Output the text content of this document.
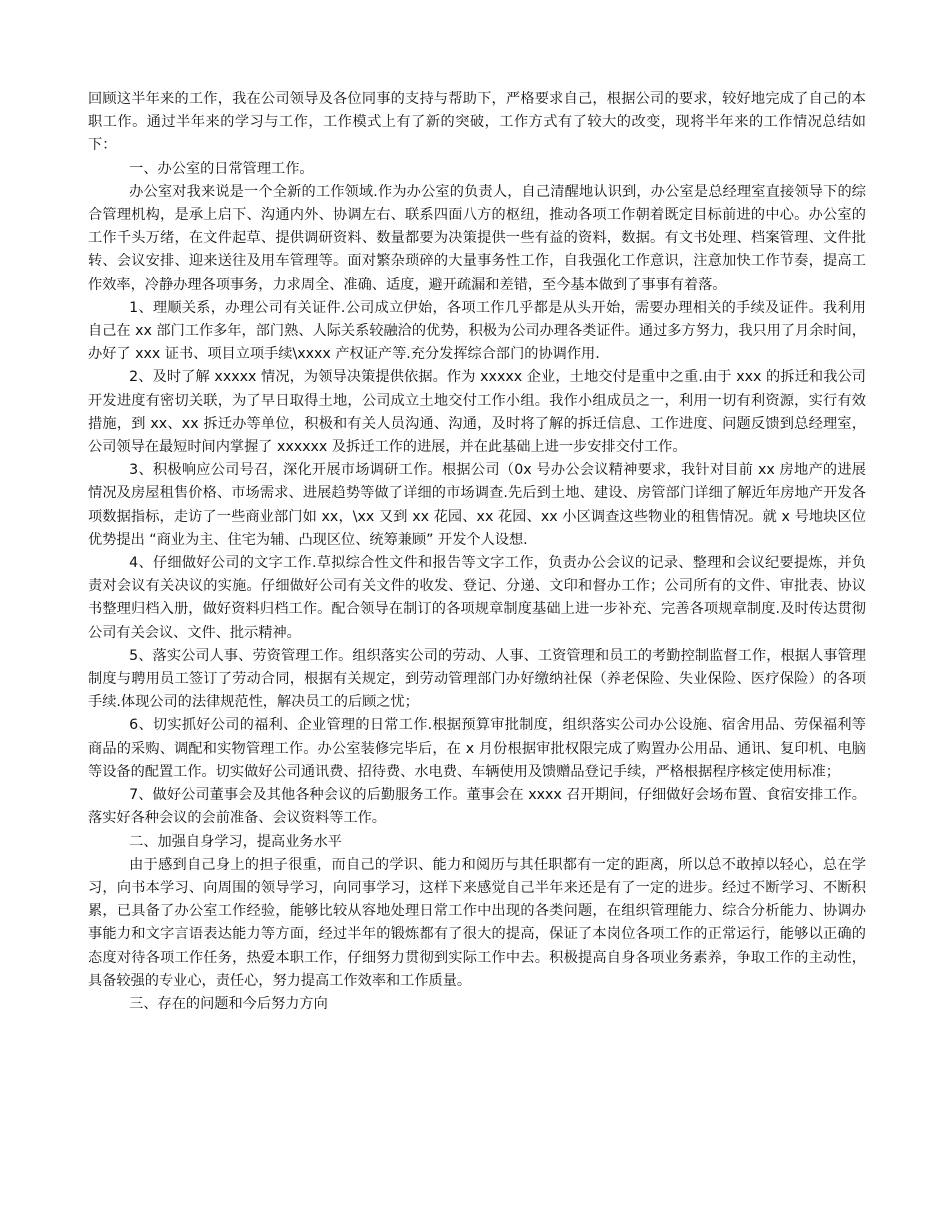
回顾这半年来的工作，我在公司领导及各位同事的支持与帮助下，严格要求自己，根据公司的要求，较好地完成了自己的本职工作。通过半年来的学习与工作，工作模式上有了新的突破，工作方式有了较大的改变，现将半年来的工作情况总结如下：

一、办公室的日常管理工作。

办公室对我来说是一个全新的工作领域.作为办公室的负责人，自己清醒地认识到，办公室是总经理室直接领导下的综合管理机构，是承上启下、沟通内外、协调左右、联系四面八方的枢纽，推动各项工作朝着既定目标前进的中心。办公室的工作千头万绪，在文件起草、提供调研资料、数量都要为决策提供一些有益的资料，数据。有文书处理、档案管理、文件批转、会议安排、迎来送往及用车管理等。面对繁杂琐碎的大量事务性工作，自我强化工作意识，注意加快工作节奏，提高工作效率，冷静办理各项事务，力求周全、准确、适度，避开疏漏和差错，至今基本做到了事事有着落。

1、理顺关系，办理公司有关证件.公司成立伊始，各项工作几乎都是从头开始，需要办理相关的手续及证件。我利用自己在 xx 部门工作多年，部门熟、人际关系较融洽的优势，积极为公司办理各类证件。通过多方努力，我只用了月余时间，办好了 xxx 证书、项目立项手续\xxxx 产权证产等.充分发挥综合部门的协调作用.

2、及时了解 xxxxx 情况，为领导决策提供依据。作为 xxxxx 企业，土地交付是重中之重.由于 xxx 的拆迁和我公司开发进度有密切关联，为了早日取得土地，公司成立土地交付工作小组。我作小组成员之一，利用一切有利资源，实行有效措施，到 xx、xx 拆迁办等单位，积极和有关人员沟通、沟通，及时将了解的拆迁信息、工作进度、问题反馈到总经理室，公司领导在最短时间内掌握了 xxxxxx 及拆迁工作的进展，并在此基础上进一步安排交付工作。

3、积极响应公司号召，深化开展市场调研工作。根据公司（0x 号办公会议精神要求，我针对目前 xx 房地产的进展情况及房屋租售价格、市场需求、进展趋势等做了详细的市场调查.先后到土地、建设、房管部门详细了解近年房地产开发各项数据指标，走访了一些商业部门如 xx，\xx 又到 xx 花园、xx 花园、xx 小区调查这些物业的租售情况。就 x 号地块区位优势提出 “商业为主、住宅为辅、凸现区位、统筹兼顾” 开发个人设想.

4、仔细做好公司的文字工作.草拟综合性文件和报告等文字工作，负责办公会议的记录、整理和会议纪要提炼，并负责对会议有关决议的实施。仔细做好公司有关文件的收发、登记、分递、文印和督办工作；公司所有的文件、审批表、协议书整理归档入册，做好资料归档工作。配合领导在制订的各项规章制度基础上进一步补充、完善各项规章制度.及时传达贯彻公司有关会议、文件、批示精神。

5、落实公司人事、劳资管理工作。组织落实公司的劳动、人事、工资管理和员工的考勤控制监督工作，根据人事管理制度与聘用员工签订了劳动合同，根据有关规定，到劳动管理部门办好缴纳社保（养老保险、失业保险、医疗保险）的各项手续.体现公司的法律规范性，解决员工的后顾之忧；

6、切实抓好公司的福利、企业管理的日常工作.根据预算审批制度，组织落实公司办公设施、宿舍用品、劳保福利等商品的采购、调配和实物管理工作。办公室装修完毕后，在 x 月份根据审批权限完成了购置办公用品、通讯、复印机、电脑等设备的配置工作。切实做好公司通讯费、招待费、水电费、车辆使用及馈赠品登记手续，严格根据程序核定使用标准；

7、做好公司董事会及其他各种会议的后勤服务工作。董事会在 xxxx 召开期间，仔细做好会场布置、食宿安排工作。落实好各种会议的会前准备、会议资料等工作。

二、加强自身学习，提高业务水平

由于感到自己身上的担子很重，而自己的学识、能力和阅历与其任职都有一定的距离，所以总不敢掉以轻心，总在学习，向书本学习、向周围的领导学习，向同事学习，这样下来感觉自己半年来还是有了一定的进步。经过不断学习、不断积累，已具备了办公室工作经验，能够比较从容地处理日常工作中出现的各类问题，在组织管理能力、综合分析能力、协调办事能力和文字言语表达能力等方面，经过半年的锻炼都有了很大的提高，保证了本岗位各项工作的正常运行，能够以正确的态度对待各项工作任务，热爱本职工作，仔细努力贯彻到实际工作中去。积极提高自身各项业务素养，争取工作的主动性，具备较强的专业心，责任心，努力提高工作效率和工作质量。

三、存在的问题和今后努力方向
